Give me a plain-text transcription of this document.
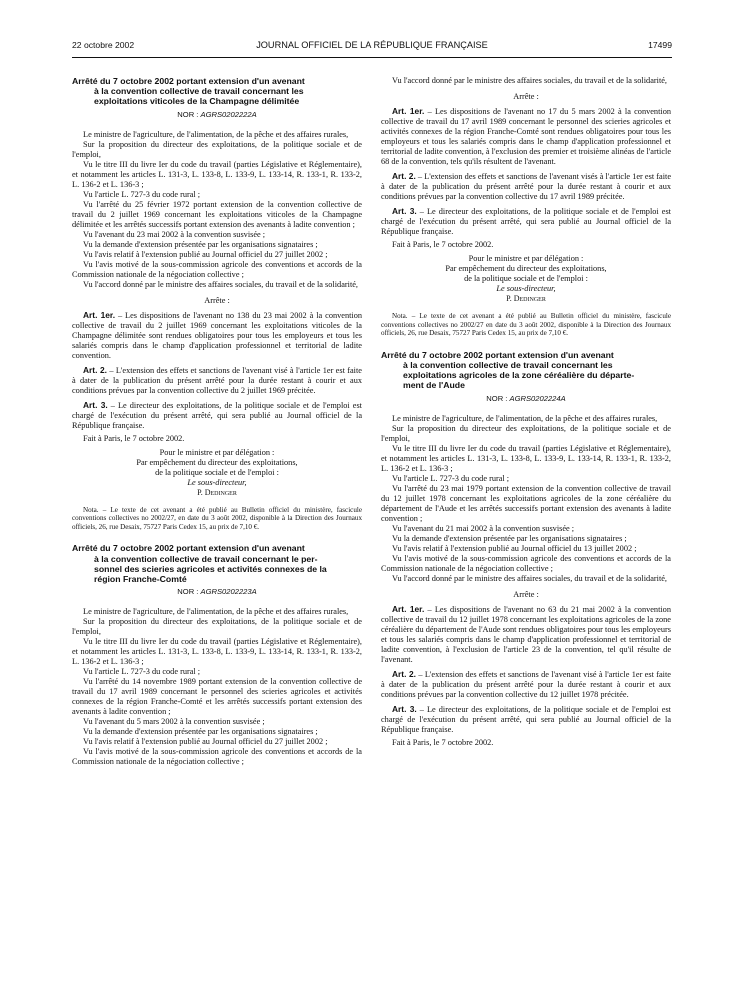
22 octobre 2002	JOURNAL OFFICIEL DE LA RÉPUBLIQUE FRANÇAISE	17499
Arrêté du 7 octobre 2002 portant extension d'un avenant
à la convention collective de travail concernant les
exploitations viticoles de la Champagne délimitée
NOR : AGRS0202222A

Le ministre de l'agriculture, de l'alimentation, de la pêche et des affaires rurales,

Sur la proposition du directeur des exploitations, de la politique sociale et de l'emploi,

Vu le titre III du livre Ier du code du travail (parties Législative et Réglementaire), et notamment les articles L. 131-3, L. 133-8, L. 133-9, L. 133-14, R. 133-1, R. 133-2, L. 136-2 et L. 136-3 ;

Vu l'article L. 727-3 du code rural ;

Vu l'arrêté du 25 février 1972 portant extension de la convention collective de travail du 2 juillet 1969 concernant les exploitations viticoles de la Champagne délimitée et les arrêtés successifs portant extension des avenants à ladite convention ;

Vu l'avenant du 23 mai 2002 à la convention susvisée ;

Vu la demande d'extension présentée par les organisations signataires ;

Vu l'avis relatif à l'extension publié au Journal officiel du 27 juillet 2002 ;

Vu l'avis motivé de la sous-commission agricole des conventions et accords de la Commission nationale de la négociation collective ;

Vu l'accord donné par le ministre des affaires sociales, du travail et de la solidarité,

Arrête :

Art. 1er. – Les dispositions de l'avenant no 138 du 23 mai 2002 à la convention collective de travail du 2 juillet 1969 concernant les exploitations viticoles de la Champagne délimitée sont rendues obligatoires pour tous les employeurs et tous les salariés compris dans le champ d'application professionnel et territorial de ladite convention.

Art. 2. – L'extension des effets et sanctions de l'avenant visé à l'article 1er est faite à dater de la publication du présent arrêté pour la durée restant à courir et aux conditions prévues par la convention collective du 2 juillet 1969 précitée.

Art. 3. – Le directeur des exploitations, de la politique sociale et de l'emploi est chargé de l'exécution du présent arrêté, qui sera publié au Journal officiel de la République française.

Fait à Paris, le 7 octobre 2002.

Pour le ministre et par délégation :
Par empêchement du directeur des exploitations,
de la politique sociale et de l'emploi :
Le sous-directeur,
P. Dedinger

Nota. – Le texte de cet avenant a été publié au Bulletin officiel du ministère, fascicule conventions collectives no 2002/27, en date du 3 août 2002, disponible à la Direction des Journaux officiels, 26, rue Desaix, 75727 Paris Cedex 15, au prix de 7,10 €.

Arrêté du 7 octobre 2002 portant extension d'un avenant
à la convention collective de travail concernant le per-
sonnel des scieries agricoles et activités connexes de la
région Franche-Comté
NOR : AGRS0202223A

Le ministre de l'agriculture, de l'alimentation, de la pêche et des affaires rurales,

Sur la proposition du directeur des exploitations, de la politique sociale et de l'emploi,

Vu le titre III du livre Ier du code du travail (parties Législative et Réglementaire), et notamment les articles L. 131-3, L. 133-8, L. 133-9, L. 133-14, R. 133-1, R. 133-2, L. 136-2 et L. 136-3 ;

Vu l'article L. 727-3 du code rural ;

Vu l'arrêté du 14 novembre 1989 portant extension de la convention collective de travail du 17 avril 1989 concernant le personnel des scieries agricoles et activités connexes de la région Franche-Comté et les arrêtés successifs portant extension des avenants à ladite convention ;

Vu l'avenant du 5 mars 2002 à la convention susvisée ;

Vu la demande d'extension présentée par les organisations signataires ;

Vu l'avis relatif à l'extension publié au Journal officiel du 27 juillet 2002 ;

Vu l'avis motivé de la sous-commission agricole des conventions et accords de la Commission nationale de la négociation collective ;

Vu l'accord donné par le ministre des affaires sociales, du travail et de la solidarité,

Arrête :

Art. 1er. – Les dispositions de l'avenant no 17 du 5 mars 2002 à la convention collective de travail du 17 avril 1989 concernant le personnel des scieries agricoles et activités connexes de la région Franche-Comté sont rendues obligatoires pour tous les employeurs et tous les salariés compris dans le champ d'application professionnel et territorial de ladite convention, à l'exclusion des premier et troisième alinéas de l'article 68 de la convention, tels qu'ils résultent de l'avenant.

Art. 2. – L'extension des effets et sanctions de l'avenant visés à l'article 1er est faite à dater de la publication du présent arrêté pour la durée restant à courir et aux conditions prévues par la convention collective du 17 avril 1989 précitée.

Art. 3. – Le directeur des exploitations, de la politique sociale et de l'emploi est chargé de l'exécution du présent arrêté, qui sera publié au Journal officiel de la République française.

Fait à Paris, le 7 octobre 2002.

Pour le ministre et par délégation :
Par empêchement du directeur des exploitations,
de la politique sociale et de l'emploi :
Le sous-directeur,
P. Dedinger

Nota. – Le texte de cet avenant a été publié au Bulletin officiel du ministère, fascicule conventions collectives no 2002/27 en date du 3 août 2002, disponible à la Direction des Journaux officiels, 26, rue Desaix, 75727 Paris Cedex 15, au prix de 7,10 €.

Arrêté du 7 octobre 2002 portant extension d'un avenant
à la convention collective de travail concernant les
exploitations agricoles de la zone céréalière du départe-
ment de l'Aude
NOR : AGRS0202224A

Le ministre de l'agriculture, de l'alimentation, de la pêche et des affaires rurales,

Sur la proposition du directeur des exploitations, de la politique sociale et de l'emploi,

Vu le titre III du livre Ier du code du travail (parties Législative et Réglementaire), et notamment les articles L. 131-3, L. 133-8, L. 133-9, L. 133-14, R. 133-1, R. 133-2, L. 136-2 et L. 136-3 ;

Vu l'article L. 727-3 du code rural ;

Vu l'arrêté du 23 mai 1979 portant extension de la convention collective de travail du 12 juillet 1978 concernant les exploitations agricoles de la zone céréalière du département de l'Aude et les arrêtés successifs portant extension des avenants à ladite convention ;

Vu l'avenant du 21 mai 2002 à la convention susvisée ;

Vu la demande d'extension présentée par les organisations signataires ;

Vu l'avis relatif à l'extension publié au Journal officiel du 13 juillet 2002 ;

Vu l'avis motivé de la sous-commission agricole des conventions et accords de la Commission nationale de la négociation collective ;

Vu l'accord donné par le ministre des affaires sociales, du travail et de la solidarité,

Arrête :

Art. 1er. – Les dispositions de l'avenant no 63 du 21 mai 2002 à la convention collective de travail du 12 juillet 1978 concernant les exploitations agricoles de la zone céréalière du département de l'Aude sont rendues obligatoires pour tous les employeurs et tous les salariés compris dans le champ d'application professionnel et territorial de ladite convention, à l'exclusion de l'article 23 de la convention, tel qu'il résulte de l'avenant.

Art. 2. – L'extension des effets et sanctions de l'avenant visé à l'article 1er est faite à dater de la publication du présent arrêté pour la durée restant à courir et aux conditions prévues par la convention collective du 12 juillet 1978 précitée.

Art. 3. – Le directeur des exploitations, de la politique sociale et de l'emploi est chargé de l'exécution du présent arrêté, qui sera publié au Journal officiel de la République française.

Fait à Paris, le 7 octobre 2002.
